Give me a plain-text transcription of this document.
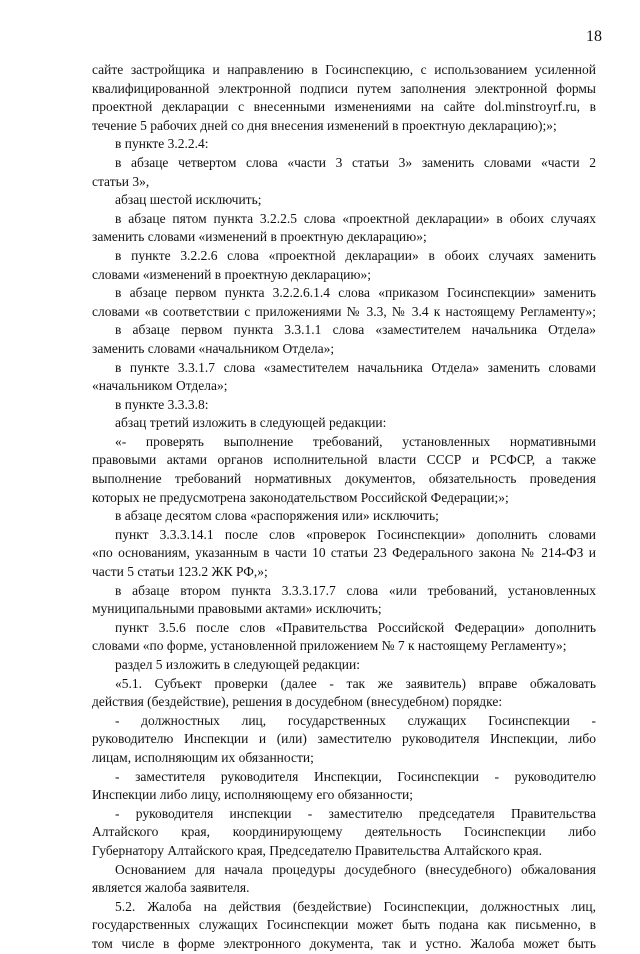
18
сайте застройщика и направлению в Госинспекцию, с использованием усиленной
квалифицированной электронной подписи путем заполнения электронной формы
проектной декларации с внесенными изменениями на сайте dol.minstroyrf.ru, в
течение 5 рабочих дней со дня внесения изменений в проектную декларацию);»;
в пункте 3.2.2.4:
в абзаце четвертом слова «части 3 статьи 3» заменить словами «части 2
статьи 3»,
абзац шестой исключить;
в абзаце пятом пункта 3.2.2.5 слова «проектной декларации» в обоих случаях
заменить словами «изменений в проектную декларацию»;
в пункте 3.2.2.6 слова «проектной декларации» в обоих случаях заменить
словами «изменений в проектную декларацию»;
в абзаце первом пункта 3.2.2.6.1.4 слова «приказом Госинспекции» заменить
словами «в соответствии с приложениями № 3.3, № 3.4 к настоящему Регламенту»;
в абзаце первом пункта 3.3.1.1 слова «заместителем начальника Отдела»
заменить словами «начальником Отдела»;
в пункте 3.3.1.7 слова «заместителем начальника Отдела» заменить словами
«начальником Отдела»;
в пункте 3.3.3.8:
абзац третий изложить в следующей редакции:
«- проверять выполнение требований, установленных нормативными
правовыми актами органов исполнительной власти СССР и РСФСР, а также
выполнение требований нормативных документов, обязательность проведения
которых не предусмотрена законодательством Российской Федерации;»;
в абзаце десятом слова «распоряжения или» исключить;
пункт 3.3.3.14.1 после слов «проверок Госинспекции» дополнить словами
«по основаниям, указанным в части 10 статьи 23 Федерального закона № 214-ФЗ и
части 5 статьи 123.2 ЖК РФ,»;
в абзаце втором пункта 3.3.3.17.7 слова «или требований, установленных
муниципальными правовыми актами» исключить;
пункт 3.5.6 после слов «Правительства Российской Федерации» дополнить
словами «по форме, установленной приложением № 7 к настоящему Регламенту»;
раздел 5 изложить в следующей редакции:
«5.1. Субъект проверки (далее - так же заявитель) вправе обжаловать
действия (бездействие), решения в досудебном (внесудебном) порядке:
- должностных лиц, государственных служащих Госинспекции -
руководителю Инспекции и (или) заместителю руководителя Инспекции, либо
лицам, исполняющим их обязанности;
- заместителя руководителя Инспекции, Госинспекции - руководителю
Инспекции либо лицу, исполняющему его обязанности;
- руководителя инспекции - заместителю председателя Правительства
Алтайского края, координирующему деятельность Госинспекции либо
Губернатору Алтайского края, Председателю Правительства Алтайского края.
Основанием для начала процедуры досудебного (внесудебного) обжалования
является жалоба заявителя.
5.2. Жалоба на действия (бездействие) Госинспекции, должностных лиц,
государственных служащих Госинспекции может быть подана как письменно, в
том числе в форме электронного документа, так и устно. Жалоба может быть
